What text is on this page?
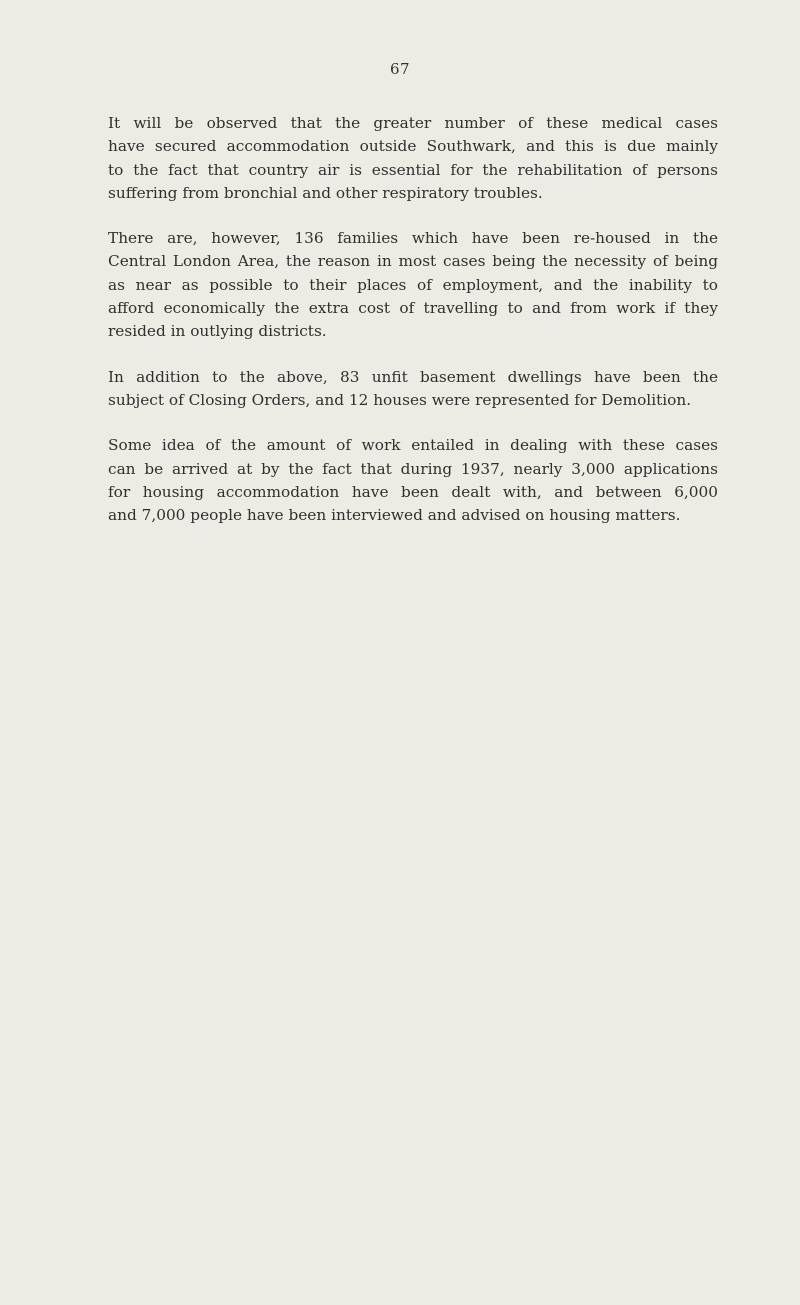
67

It will be observed that the greater number of these medical cases
have secured accommodation outside Southwark, and this is due mainly
to the fact that country air is essential for the rehabilitation of persons
suffering from bronchial and other respiratory troubles.

There are, however, 136 families which have been re-housed in the
Central London Area, the reason in most cases being the necessity of being
as near as possible to their places of employment, and the inability to
afford economically the extra cost of travelling to and from work if they
resided in outlying districts.

In addition to the above, 83 unfit basement dwellings have been the
subject of Closing Orders, and 12 houses were represented for Demolition.

Some idea of the amount of work entailed in dealing with these cases
can be arrived at by the fact that during 1937, nearly 3,000 applications
for housing accommodation have been dealt with, and between 6,000
and 7,000 people have been interviewed and advised on housing matters.
